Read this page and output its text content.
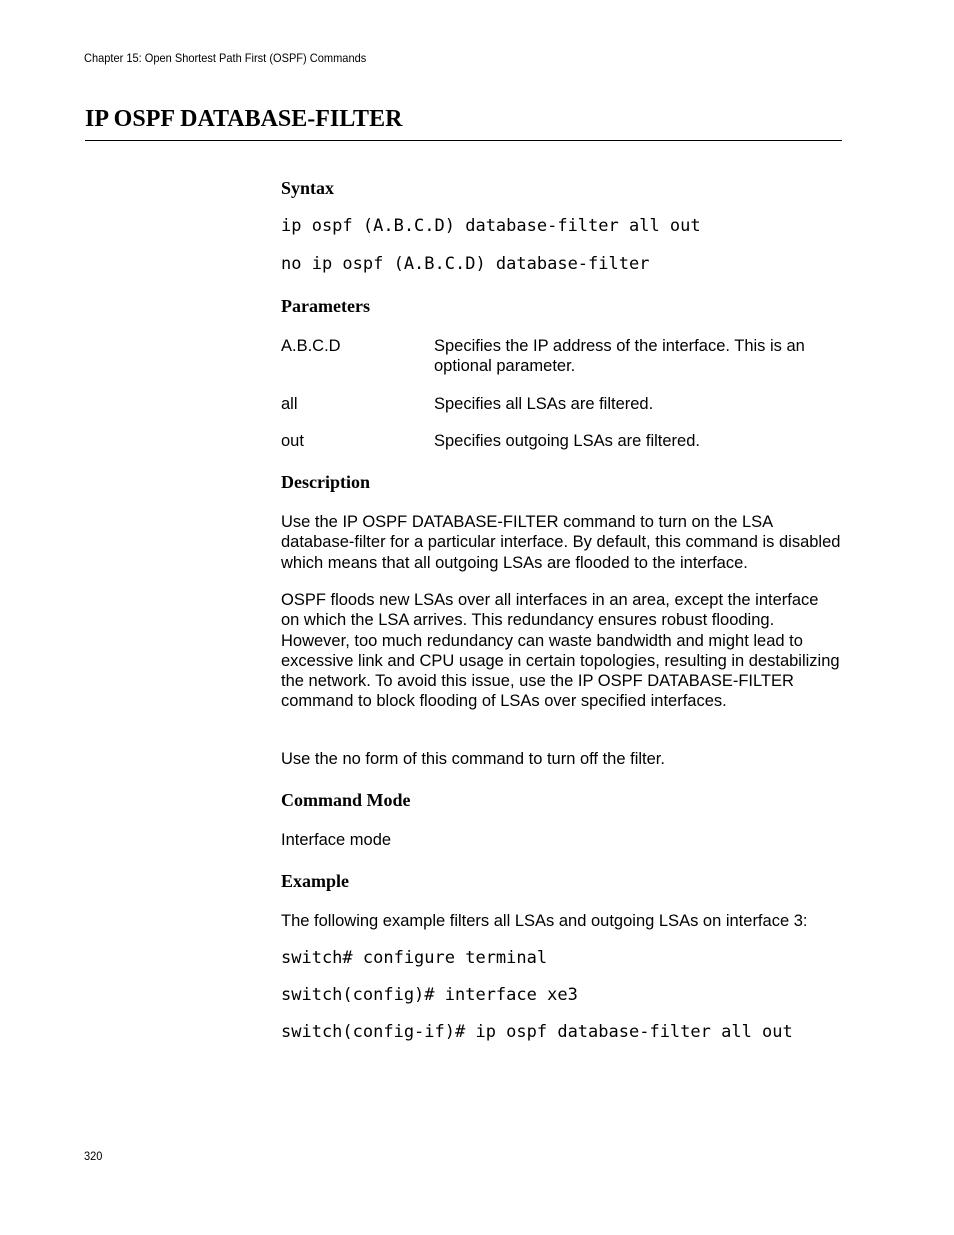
Chapter 15: Open Shortest Path First (OSPF) Commands
IP OSPF DATABASE-FILTER
Syntax
ip ospf (A.B.C.D) database-filter all out
no ip ospf (A.B.C.D) database-filter
Parameters
A.B.C.D	Specifies the IP address of the interface. This is an optional parameter.

all	Specifies all LSAs are filtered.

out	Specifies outgoing LSAs are filtered.

Description

Use the IP OSPF DATABASE-FILTER command to turn on the LSA database-filter for a particular interface. By default, this command is disabled which means that all outgoing LSAs are flooded to the interface.

OSPF floods new LSAs over all interfaces in an area, except the interface on which the LSA arrives. This redundancy ensures robust flooding. However, too much redundancy can waste bandwidth and might lead to excessive link and CPU usage in certain topologies, resulting in destabilizing the network. To avoid this issue, use the IP OSPF DATABASE-FILTER command to block flooding of LSAs over specified interfaces.

Use the no form of this command to turn off the filter.

Command Mode

Interface mode

Example

The following example filters all LSAs and outgoing LSAs on interface 3:

switch# configure terminal
switch(config)# interface xe3
switch(config-if)# ip ospf database-filter all out
320
